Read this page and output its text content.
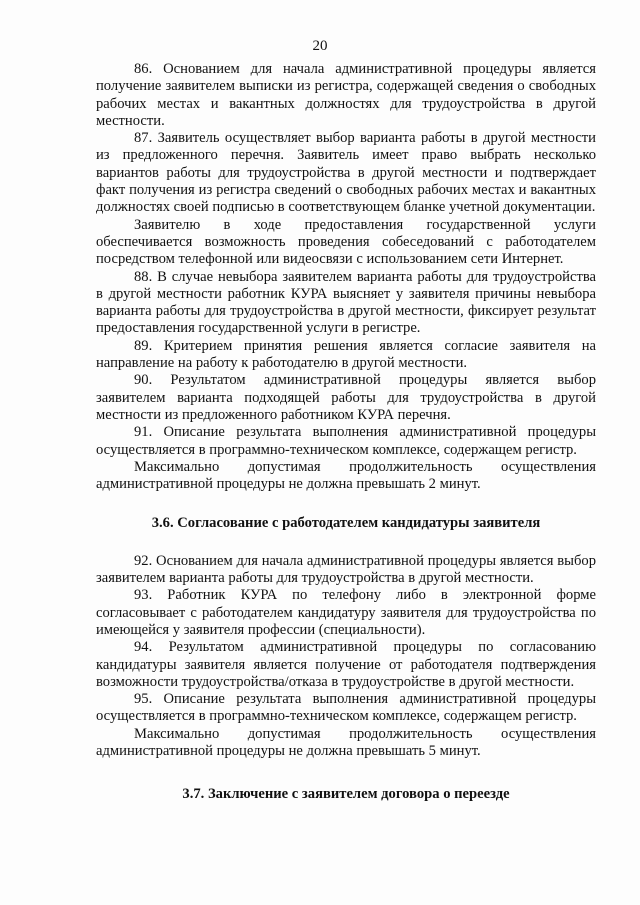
20

86. Основанием для начала административной процедуры является получение заявителем выписки из регистра, содержащей сведения о свободных рабочих местах и вакантных должностях для трудоустройства в другой местности.

87. Заявитель осуществляет выбор варианта работы в другой местности из предложенного перечня. Заявитель имеет право выбрать несколько вариантов работы для трудоустройства в другой местности и подтверждает факт получения из регистра сведений о свободных рабочих местах и вакантных должностях своей подписью в соответствующем бланке учетной документации.

Заявителю в ходе предоставления государственной услуги обеспечивается возможность проведения собеседований с работодателем посредством телефонной или видеосвязи с использованием сети Интернет.

88. В случае невыбора заявителем варианта работы для трудоустройства в другой местности работник КУРА выясняет у заявителя причины невыбора варианта работы для трудоустройства в другой местности, фиксирует результат предоставления государственной услуги в регистре.

89. Критерием принятия решения является согласие заявителя на направление на работу к работодателю в другой местности.

90. Результатом административной процедуры является выбор заявителем варианта подходящей работы для трудоустройства в другой местности из предложенного работником КУРА перечня.

91. Описание результата выполнения административной процедуры осуществляется в программно-техническом комплексе, содержащем регистр.

Максимально допустимая продолжительность осуществления административной процедуры не должна превышать 2 минут.

3.6. Согласование с работодателем кандидатуры заявителя

92. Основанием для начала административной процедуры является выбор заявителем варианта работы для трудоустройства в другой местности.

93. Работник КУРА по телефону либо в электронной форме согласовывает с работодателем кандидатуру заявителя для трудоустройства по имеющейся у заявителя профессии (специальности).

94. Результатом административной процедуры по согласованию кандидатуры заявителя является получение от работодателя подтверждения возможности трудоустройства/отказа в трудоустройстве в другой местности.

95. Описание результата выполнения административной процедуры осуществляется в программно-техническом комплексе, содержащем регистр.

Максимально допустимая продолжительность осуществления административной процедуры не должна превышать 5 минут.

3.7. Заключение с заявителем договора о переезде
